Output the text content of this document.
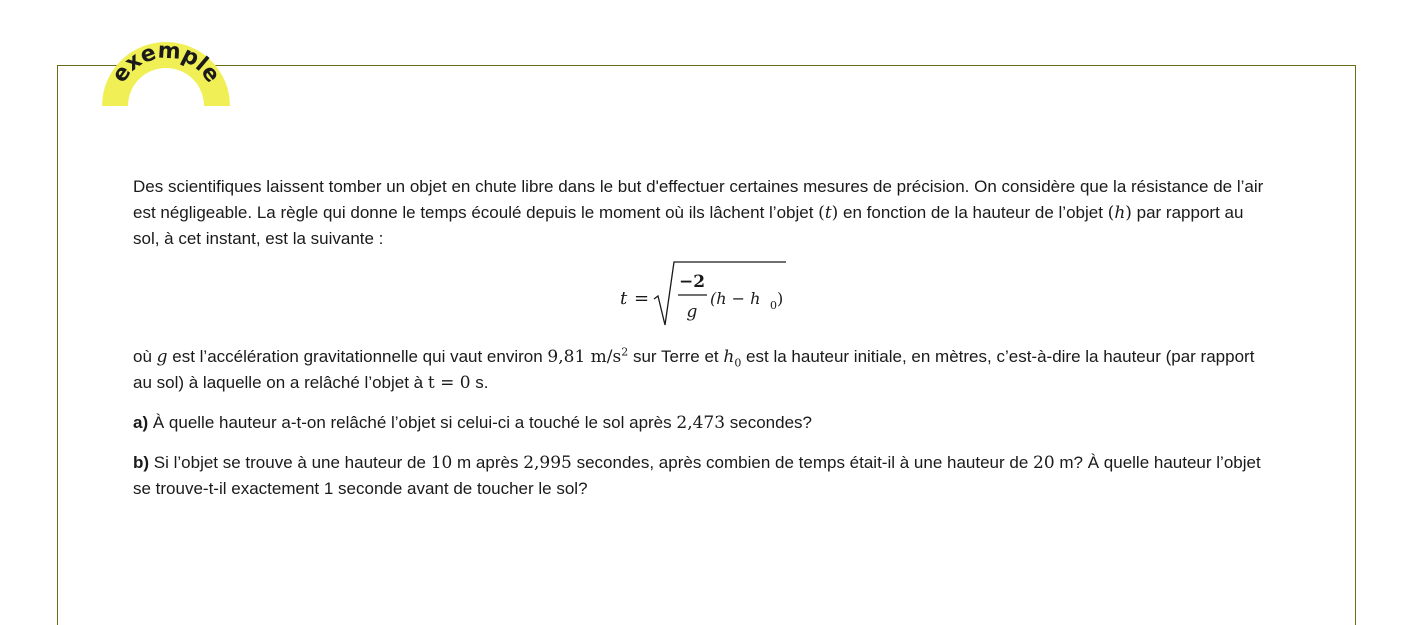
exemple

Des scientifiques laissent tomber un objet en chute libre dans le but d'effectuer certaines mesures de précision. On considère que la résistance de l’air est négligeable. La règle qui donne le temps écoulé depuis le moment où ils lâchent l’objet (t) en fonction de la hauteur de l’objet (h) par rapport au sol, à cet instant, est la suivante :

t =
−2
g
(h − h 0 )

où g est l’accélération gravitationnelle qui vaut environ 9,81 $m/s^2$ sur Terre et $h_0$ est la hauteur initiale, en mètres, c’est-à-dire la hauteur (par rapport au sol) à laquelle on a relâché l’objet à t = 0 s.

a) À quelle hauteur a-t-on relâché l’objet si celui-ci a touché le sol après 2,473 secondes?

b) Si l’objet se trouve à une hauteur de 10 m après 2,995 secondes, après combien de temps était-il à une hauteur de 20 m? À quelle hauteur l’objet se trouve-t-il exactement 1 seconde avant de toucher le sol?
